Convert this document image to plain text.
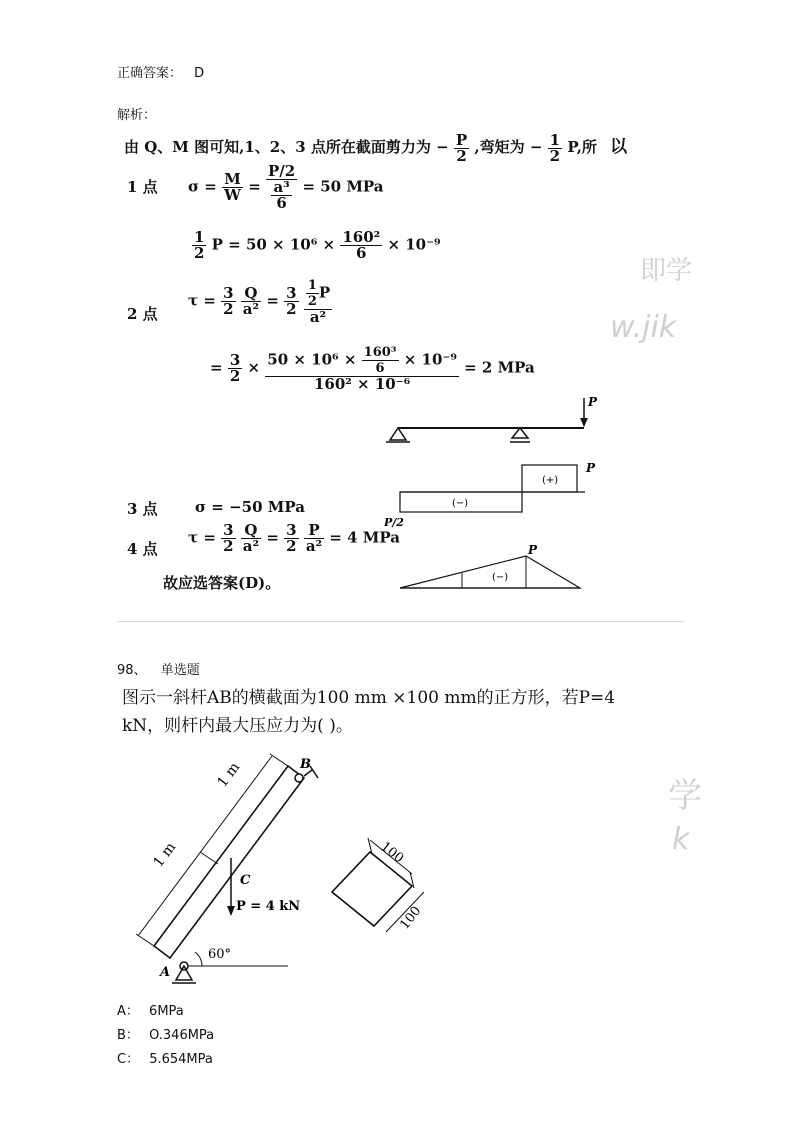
正确答案： D
解析：
由 Q、M 图可知,1、2、3 点所在截面剪力为 − $\frac{P}{2}$ ,弯矩为 − $\frac{1}{2} P$,所 以
1 点 $\sigma = \frac{M}{W} = \frac{P/2}{\frac{\text{a³}}{6}} = 50$ MPa
$\frac{1}{2}$ $P = 50 \times 10^6 \times \frac{\text{160²}}{6} \times 10^{-9}$
2 点
$\tau = \frac{3}{2}$
$\frac{Q}{\text{a²}} = \frac{3}{2}$
$\frac{\frac{1}{2} P}{\text{a²}}$
= $\frac{3}{2} \times \frac{50 \times 10^6 \times \frac{\text{160³}}{6} \times 10^{-9}}{\text{160² × 10⁻⁶}} = 2$ MPa
3 点 σ = −50 MPa
4 点
$\tau = \frac{3}{2}$
$\frac{Q}{\text{a²}} = \frac{3}{2}$
$\frac{P}{\text{a²}} = 4$ MPa
故应选答案(D)。
P
(+)
(−)
P
P/2
(−)
P
即学
w.jik
学
k
98、 单选题
图示一斜杆AB的横截面为100 mm ×100 mm的正方形，若P=4
kN，则杆内最大压应力为( )。
1 m
1 m	B
A
60°
C
P = 4 kN
100
100
A： 6MPa
B： O.346MPa
C： 5.654MPa
